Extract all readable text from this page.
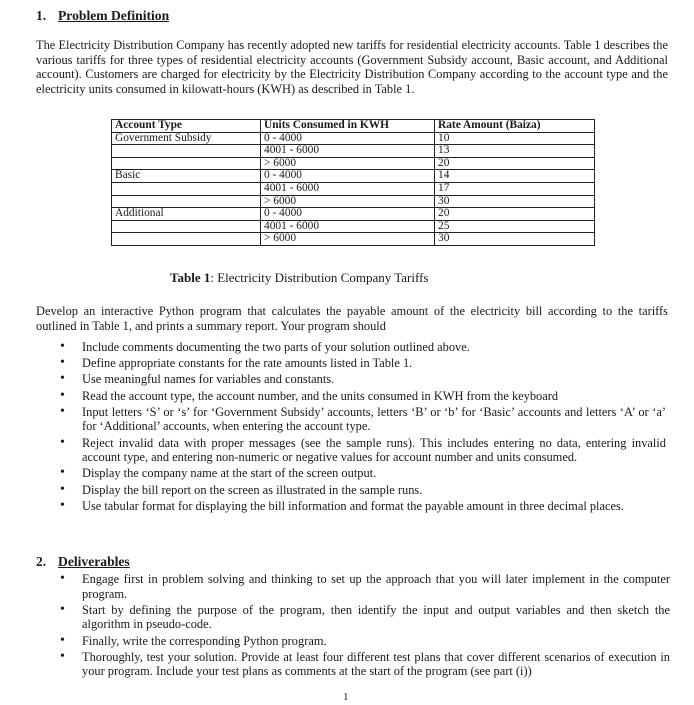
1. Problem Definition
The Electricity Distribution Company has recently adopted new tariffs for residential electricity accounts. Table 1 describes the various tariffs for three types of residential electricity accounts (Government Subsidy account, Basic account, and Additional account). Customers are charged for electricity by the Electricity Distribution Company according to the account type and the electricity units consumed in kilowatt-hours (KWH) as described in Table 1.
Account Type	Units Consumed in KWH	Rate Amount (Baiza)
Government Subsidy	0 - 4000	10
	4001 - 6000	13
	> 6000	20
Basic	0 - 4000	14
	4001 - 6000	17
	> 6000	30
Additional	0 - 4000	20
	4001 - 6000	25
	> 6000	30
Table 1: Electricity Distribution Company Tariffs
Develop an interactive Python program that calculates the payable amount of the electricity bill according to the tariffs outlined in Table 1, and prints a summary report. Your program should
• Include comments documenting the two parts of your solution outlined above.
• Define appropriate constants for the rate amounts listed in Table 1.
• Use meaningful names for variables and constants.
• Read the account type, the account number, and the units consumed in KWH from the keyboard
• Input letters ‘S’ or ‘s’ for ‘Government Subsidy’ accounts, letters ‘B’ or ‘b’ for ‘Basic’ accounts and letters ‘A’ or ‘a’ for ‘Additional’ accounts, when entering the account type.
• Reject invalid data with proper messages (see the sample runs). This includes entering no data, entering invalid account type, and entering non-numeric or negative values for account number and units consumed.
• Display the company name at the start of the screen output.
• Display the bill report on the screen as illustrated in the sample runs.
• Use tabular format for displaying the bill information and format the payable amount in three decimal places.
2. Deliverables
• Engage first in problem solving and thinking to set up the approach that you will later implement in the computer program.
• Start by defining the purpose of the program, then identify the input and output variables and then sketch the algorithm in pseudo-code.
• Finally, write the corresponding Python program.
• Thoroughly, test your solution. Provide at least four different test plans that cover different scenarios of execution in your program. Include your test plans as comments at the start of the program (see part (i))
1
